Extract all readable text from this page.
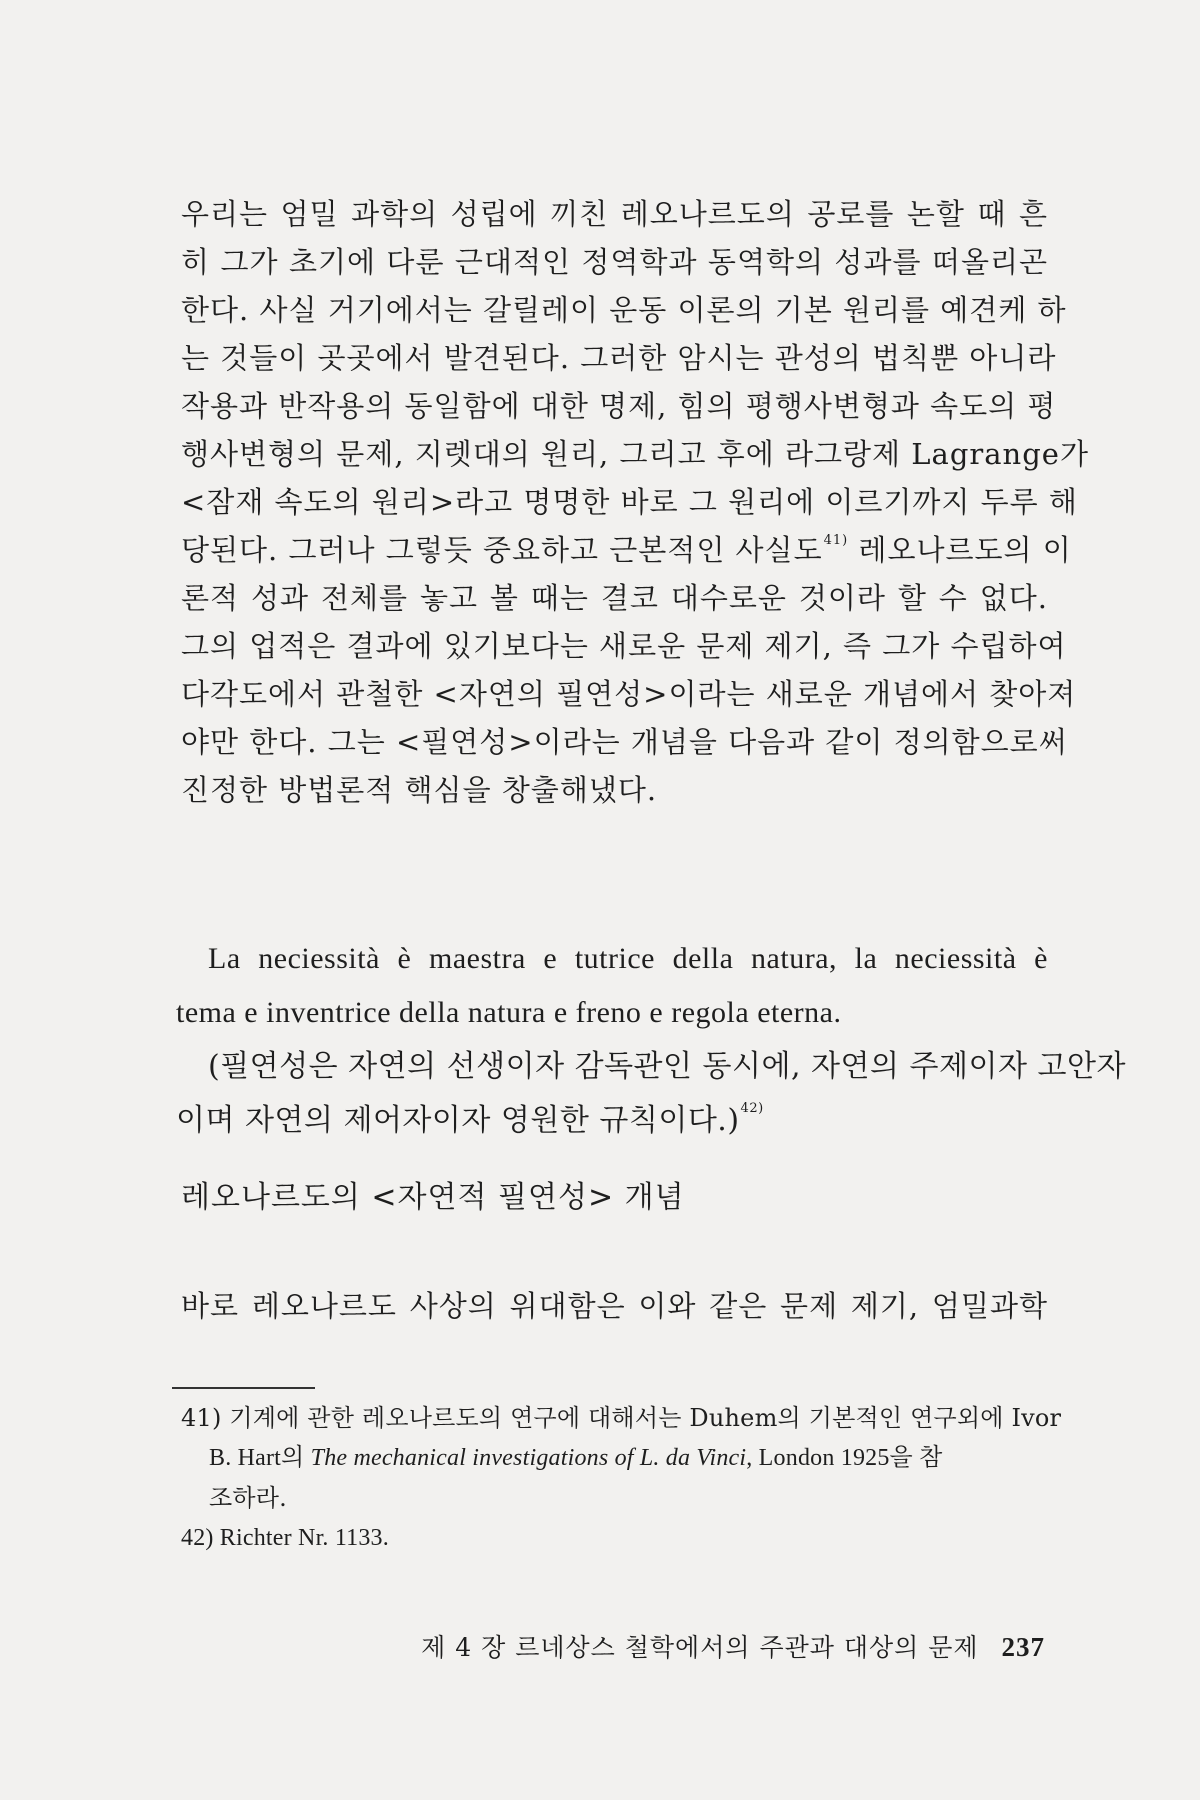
우리는 엄밀 과학의 성립에 끼친 레오나르도의 공로를 논할 때 흔
히 그가 초기에 다룬 근대적인 정역학과 동역학의 성과를 떠올리곤
한다. 사실 거기에서는 갈릴레이 운동 이론의 기본 원리를 예견케 하
는 것들이 곳곳에서 발견된다. 그러한 암시는 관성의 법칙뿐 아니라
작용과 반작용의 동일함에 대한 명제, 힘의 평행사변형과 속도의 평
행사변형의 문제, 지렛대의 원리, 그리고 후에 라그랑제 Lagrange가
<잠재 속도의 원리>라고 명명한 바로 그 원리에 이르기까지 두루 해
당된다. 그러나 그렇듯 중요하고 근본적인 사실도$^{41)}$ 레오나르도의 이
론적 성과 전체를 놓고 볼 때는 결코 대수로운 것이라 할 수 없다.
그의 업적은 결과에 있기보다는 새로운 문제 제기, 즉 그가 수립하여
다각도에서 관철한 <자연의 필연성>이라는 새로운 개념에서 찾아져
야만 한다. 그는 <필연성>이라는 개념을 다음과 같이 정의함으로써
진정한 방법론적 핵심을 창출해냈다.
La neciessità è maestra e tutrice della natura, la neciessità è
tema e inventrice della natura e freno e regola eterna.
(필연성은 자연의 선생이자 감독관인 동시에, 자연의 주제이자 고안자
이며 자연의 제어자이자 영원한 규칙이다.)$^{42)}$
레오나르도의 <자연적 필연성> 개념
바로 레오나르도 사상의 위대함은 이와 같은 문제 제기, 엄밀과학
41) 기계에 관한 레오나르도의 연구에 대해서는 Duhem의 기본적인 연구외에 Ivor
B. Hart의 The mechanical investigations of L. da Vinci, London 1925을 참
조하라.
42) Richter Nr. 1133.
제 4 장 르네상스 철학에서의 주관과 대상의 문제 237
